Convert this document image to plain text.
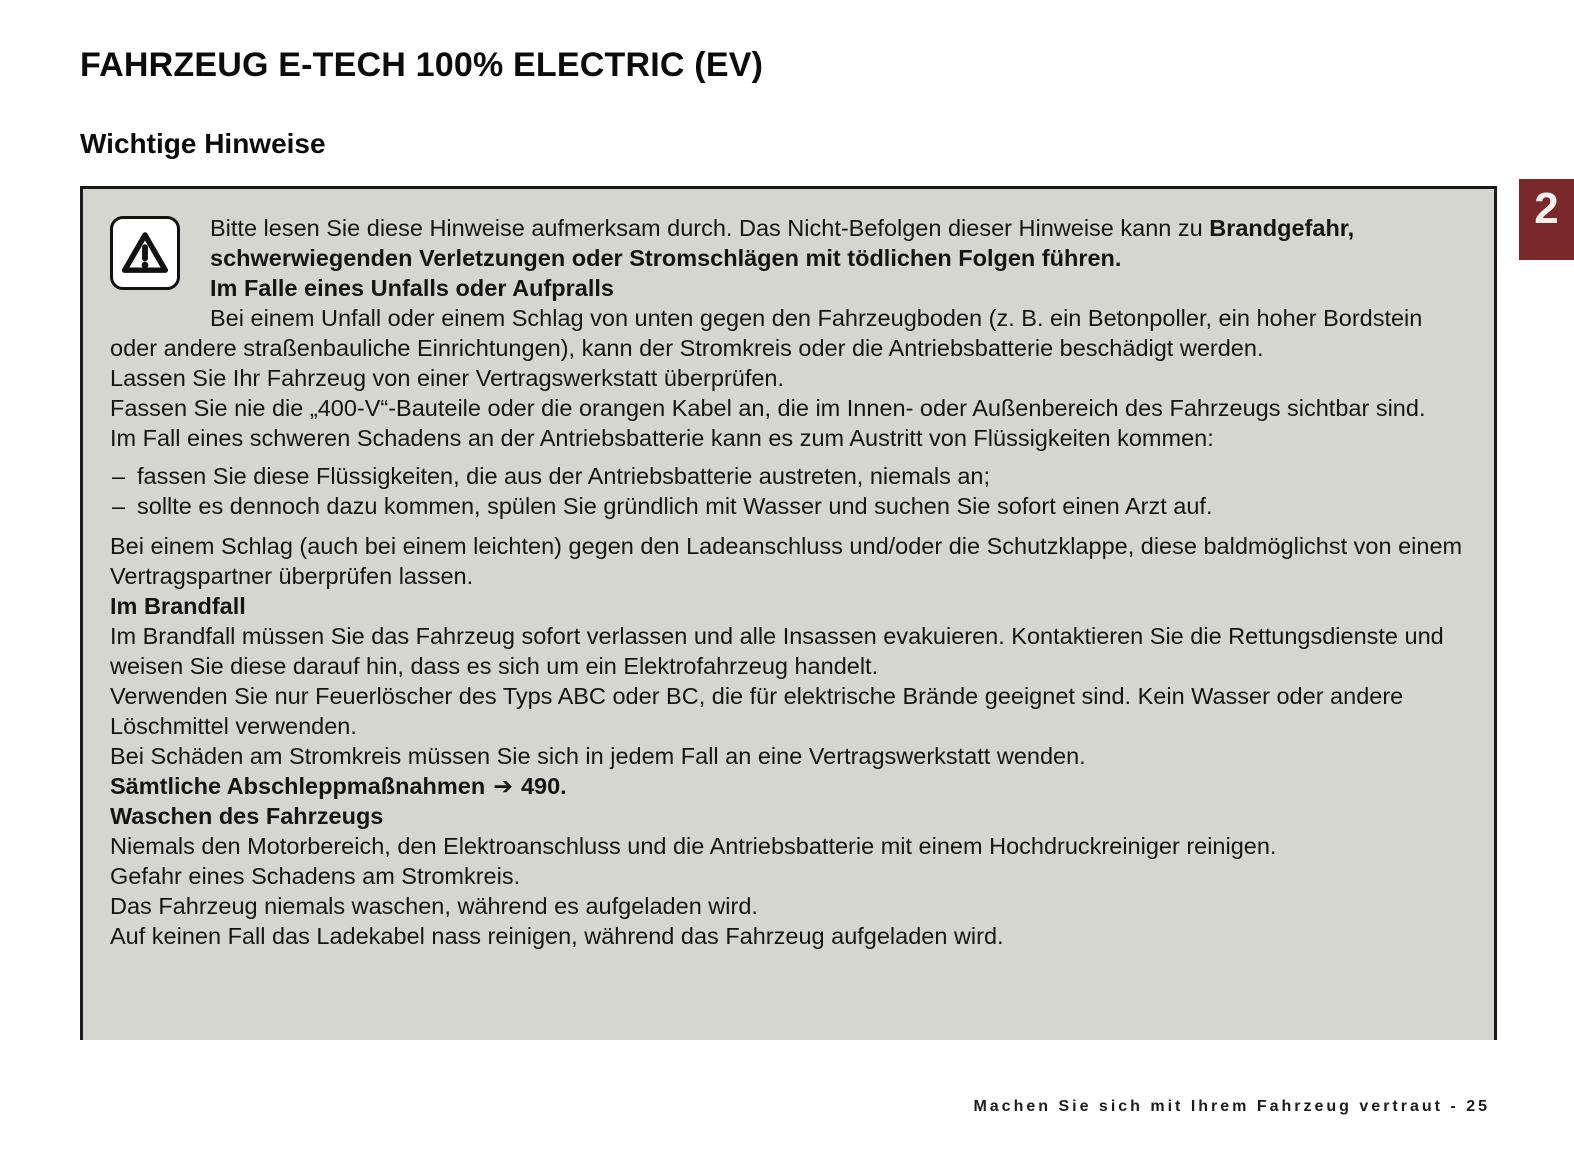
FAHRZEUG E-TECH 100% ELECTRIC (EV)
Wichtige Hinweise
2

Bitte lesen Sie diese Hinweise aufmerksam durch. Das Nicht-Befolgen dieser Hinweise kann zu Brandgefahr, schwerwiegenden Verletzungen oder Stromschlägen mit tödlichen Folgen führen.

Im Falle eines Unfalls oder Aufpralls

Bei einem Unfall oder einem Schlag von unten gegen den Fahrzeugboden (z. B. ein Betonpoller, ein hoher Bordstein oder andere straßenbauliche Einrichtungen), kann der Stromkreis oder die Antriebsbatterie beschädigt werden.

Lassen Sie Ihr Fahrzeug von einer Vertragswerkstatt überprüfen.

Fassen Sie nie die „400-V“-Bauteile oder die orangen Kabel an, die im Innen- oder Außenbereich des Fahrzeugs sichtbar sind.

Im Fall eines schweren Schadens an der Antriebsbatterie kann es zum Austritt von Flüssigkeiten kommen:

– fassen Sie diese Flüssigkeiten, die aus der Antriebsbatterie austreten, niemals an;
– sollte es dennoch dazu kommen, spülen Sie gründlich mit Wasser und suchen Sie sofort einen Arzt auf.

Bei einem Schlag (auch bei einem leichten) gegen den Ladeanschluss und/oder die Schutzklappe, diese baldmöglichst von einem Vertragspartner überprüfen lassen.

Im Brandfall

Im Brandfall müssen Sie das Fahrzeug sofort verlassen und alle Insassen evakuieren. Kontaktieren Sie die Rettungsdienste und weisen Sie diese darauf hin, dass es sich um ein Elektrofahrzeug handelt.

Verwenden Sie nur Feuerlöscher des Typs ABC oder BC, die für elektrische Brände geeignet sind. Kein Wasser oder andere Löschmittel verwenden.

Bei Schäden am Stromkreis müssen Sie sich in jedem Fall an eine Vertragswerkstatt wenden.

Sämtliche Abschleppmaßnahmen ➔ 490.

Waschen des Fahrzeugs

Niemals den Motorbereich, den Elektroanschluss und die Antriebsbatterie mit einem Hochdruckreiniger reinigen.

Gefahr eines Schadens am Stromkreis.

Das Fahrzeug niemals waschen, während es aufgeladen wird.

Auf keinen Fall das Ladekabel nass reinigen, während das Fahrzeug aufgeladen wird.

Machen Sie sich mit Ihrem Fahrzeug vertraut - 25
